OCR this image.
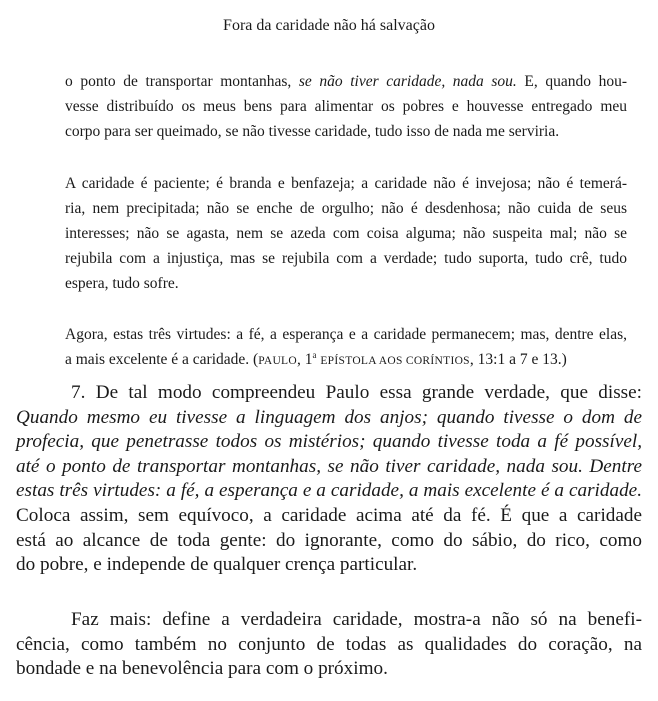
Fora da caridade não há salvação
o ponto de transportar montanhas, se não tiver caridade, nada sou. E, quando hou-
vesse distribuído os meus bens para alimentar os pobres e houvesse entregado meu
corpo para ser queimado, se não tivesse caridade, tudo isso de nada me serviria.
A caridade é paciente; é branda e benfazeja; a caridade não é invejosa; não é temerá-
ria, nem precipitada; não se enche de orgulho; não é desdenhosa; não cuida de seus
interesses; não se agasta, nem se azeda com coisa alguma; não suspeita mal; não se
rejubila com a injustiça, mas se rejubila com a verdade; tudo suporta, tudo crê, tudo
espera, tudo sofre.
Agora, estas três virtudes: a fé, a esperança e a caridade permanecem; mas, dentre elas,
a mais excelente é a caridade. (PAULO, 1$^a$ EPÍSTOLA AOS CORÍNTIOS, 13:1 a 7 e 13.)
7. De tal modo compreendeu Paulo essa grande verdade, que disse:
Quando mesmo eu tivesse a linguagem dos anjos; quando tivesse o dom de
profecia, que penetrasse todos os mistérios; quando tivesse toda a fé possível,
até o ponto de transportar montanhas, se não tiver caridade, nada sou. Dentre
estas três virtudes: a fé, a esperança e a caridade, a mais excelente é a caridade.
Coloca assim, sem equívoco, a caridade acima até da fé. É que a caridade
está ao alcance de toda gente: do ignorante, como do sábio, do rico, como
do pobre, e independe de qualquer crença particular.
Faz mais: define a verdadeira caridade, mostra-a não só na benefi-
cência, como também no conjunto de todas as qualidades do coração, na
bondade e na benevolência para com o próximo.
